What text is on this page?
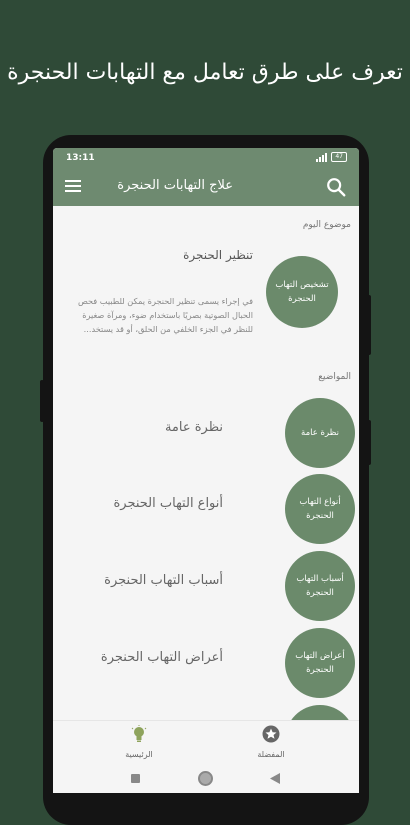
تعرف على طرق تعامل مع التهابات الحنجرة
13:11	47
علاج التهابات الحنجرة
موضوع اليوم
تنظير الحنجرة
في إجراء يسمى تنظير الحنجرة يمكن للطبيب فحص الحبال الصوتية بصريًا باستخدام ضوء، ومرآة صغيرة للنظر في الجزء الخلفي من الحلق، أو قد يستخد...
تشخيص التهاب الحنجرة
المواضيع
نظرة عامة	نظرة عامة
أنواع التهاب الحنجرة	أنواع التهاب الحنجرة
أسباب التهاب الحنجرة	أسباب التهاب الحنجرة
أعراض التهاب الحنجرة	أعراض التهاب الحنجرة
الرئيسية	المفضلة
